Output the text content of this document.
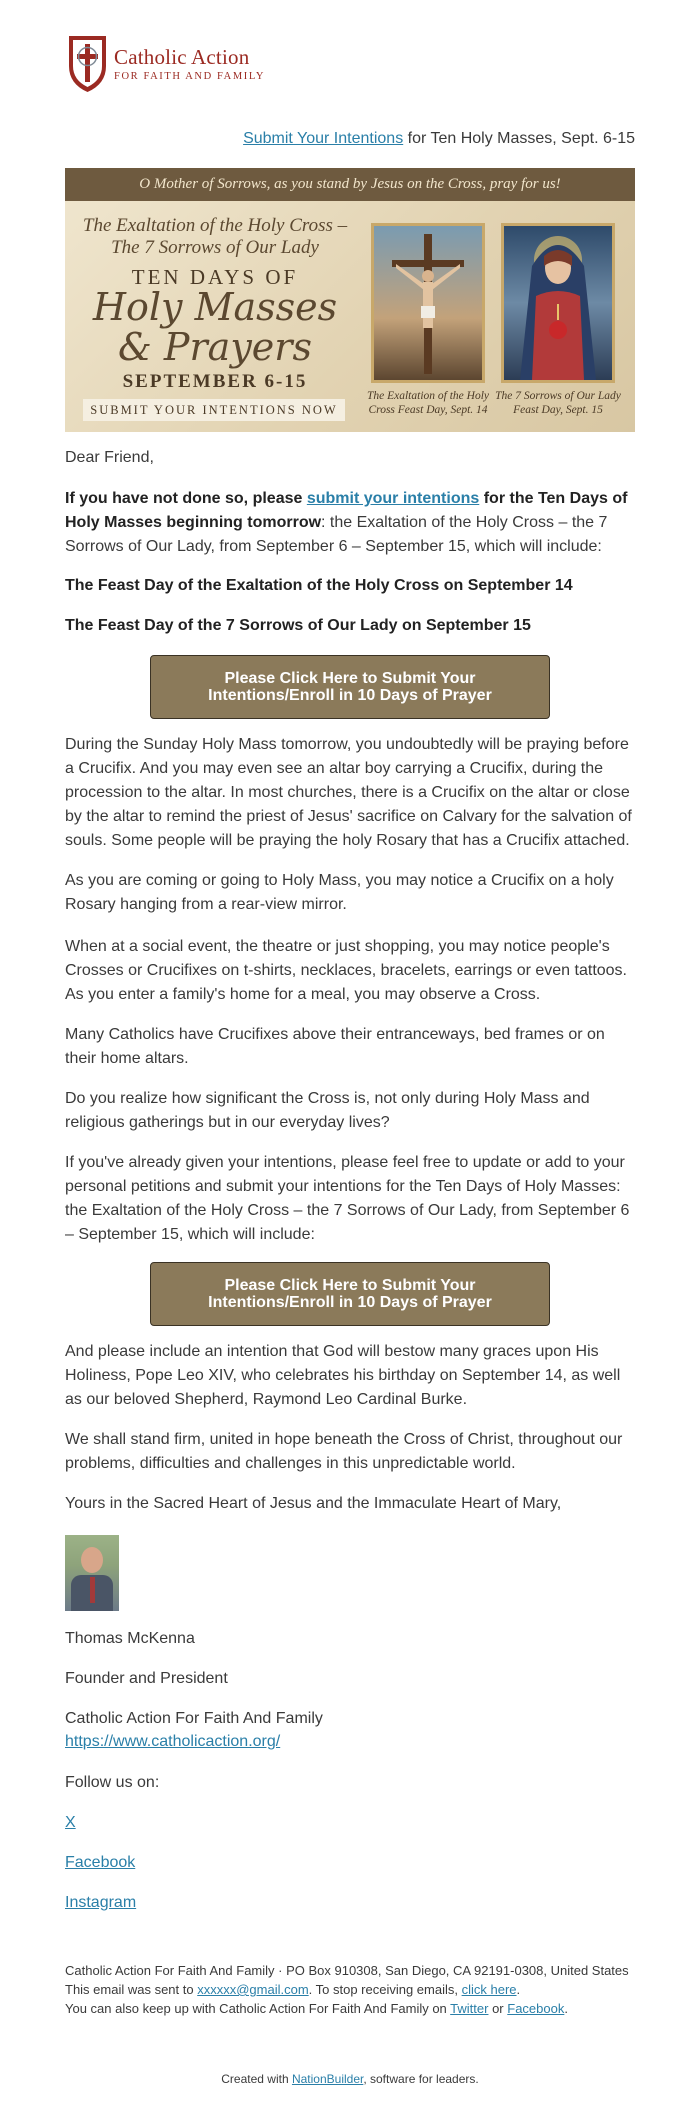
Catholic Action
FOR FAITH AND FAMILY
Submit Your Intentions for Ten Holy Masses, Sept. 6-15
O Mother of Sorrows, as you stand by Jesus on the Cross, pray for us!
The Exaltation of the Holy Cross –
The 7 Sorrows of Our Lady
TEN DAYS OF
Holy Masses
& Prayers
SEPTEMBER 6-15
SUBMIT YOUR INTENTIONS NOW
The Exaltation of the Holy Cross Feast Day, Sept. 14
The 7 Sorrows of Our Lady Feast Day, Sept. 15
Dear Friend,
If you have not done so, please submit your intentions for the Ten Days of Holy Masses beginning tomorrow: the Exaltation of the Holy Cross – the 7 Sorrows of Our Lady, from September 6 – September 15, which will include:
The Feast Day of the Exaltation of the Holy Cross on September 14
The Feast Day of the 7 Sorrows of Our Lady on September 15
Please Click Here to Submit Your
Intentions/Enroll in 10 Days of Prayer
During the Sunday Holy Mass tomorrow, you undoubtedly will be praying before a Crucifix. And you may even see an altar boy carrying a Crucifix, during the procession to the altar. In most churches, there is a Crucifix on the altar or close by the altar to remind the priest of Jesus' sacrifice on Calvary for the salvation of souls. Some people will be praying the holy Rosary that has a Crucifix attached.
As you are coming or going to Holy Mass, you may notice a Crucifix on a holy Rosary hanging from a rear-view mirror.
When at a social event, the theatre or just shopping, you may notice people's Crosses or Crucifixes on t-shirts, necklaces, bracelets, earrings or even tattoos. As you enter a family's home for a meal, you may observe a Cross.
Many Catholics have Crucifixes above their entranceways, bed frames or on their home altars.
Do you realize how significant the Cross is, not only during Holy Mass and religious gatherings but in our everyday lives?
If you've already given your intentions, please feel free to update or add to your personal petitions and submit your intentions for the Ten Days of Holy Masses: the Exaltation of the Holy Cross – the 7 Sorrows of Our Lady, from September 6 – September 15, which will include:
Please Click Here to Submit Your
Intentions/Enroll in 10 Days of Prayer
And please include an intention that God will bestow many graces upon His Holiness, Pope Leo XIV, who celebrates his birthday on September 14, as well as our beloved Shepherd, Raymond Leo Cardinal Burke.
We shall stand firm, united in hope beneath the Cross of Christ, throughout our problems, difficulties and challenges in this unpredictable world.
Yours in the Sacred Heart of Jesus and the Immaculate Heart of Mary,
Thomas McKenna
Founder and President
Catholic Action For Faith And Family
https://www.catholicaction.org/
Follow us on:
X
Facebook
Instagram
Catholic Action For Faith And Family · PO Box 910308, San Diego, CA 92191-0308, United States
This email was sent to xxxxxx@gmail.com. To stop receiving emails, click here.
You can also keep up with Catholic Action For Faith And Family on Twitter or Facebook.
Created with NationBuilder, software for leaders.
